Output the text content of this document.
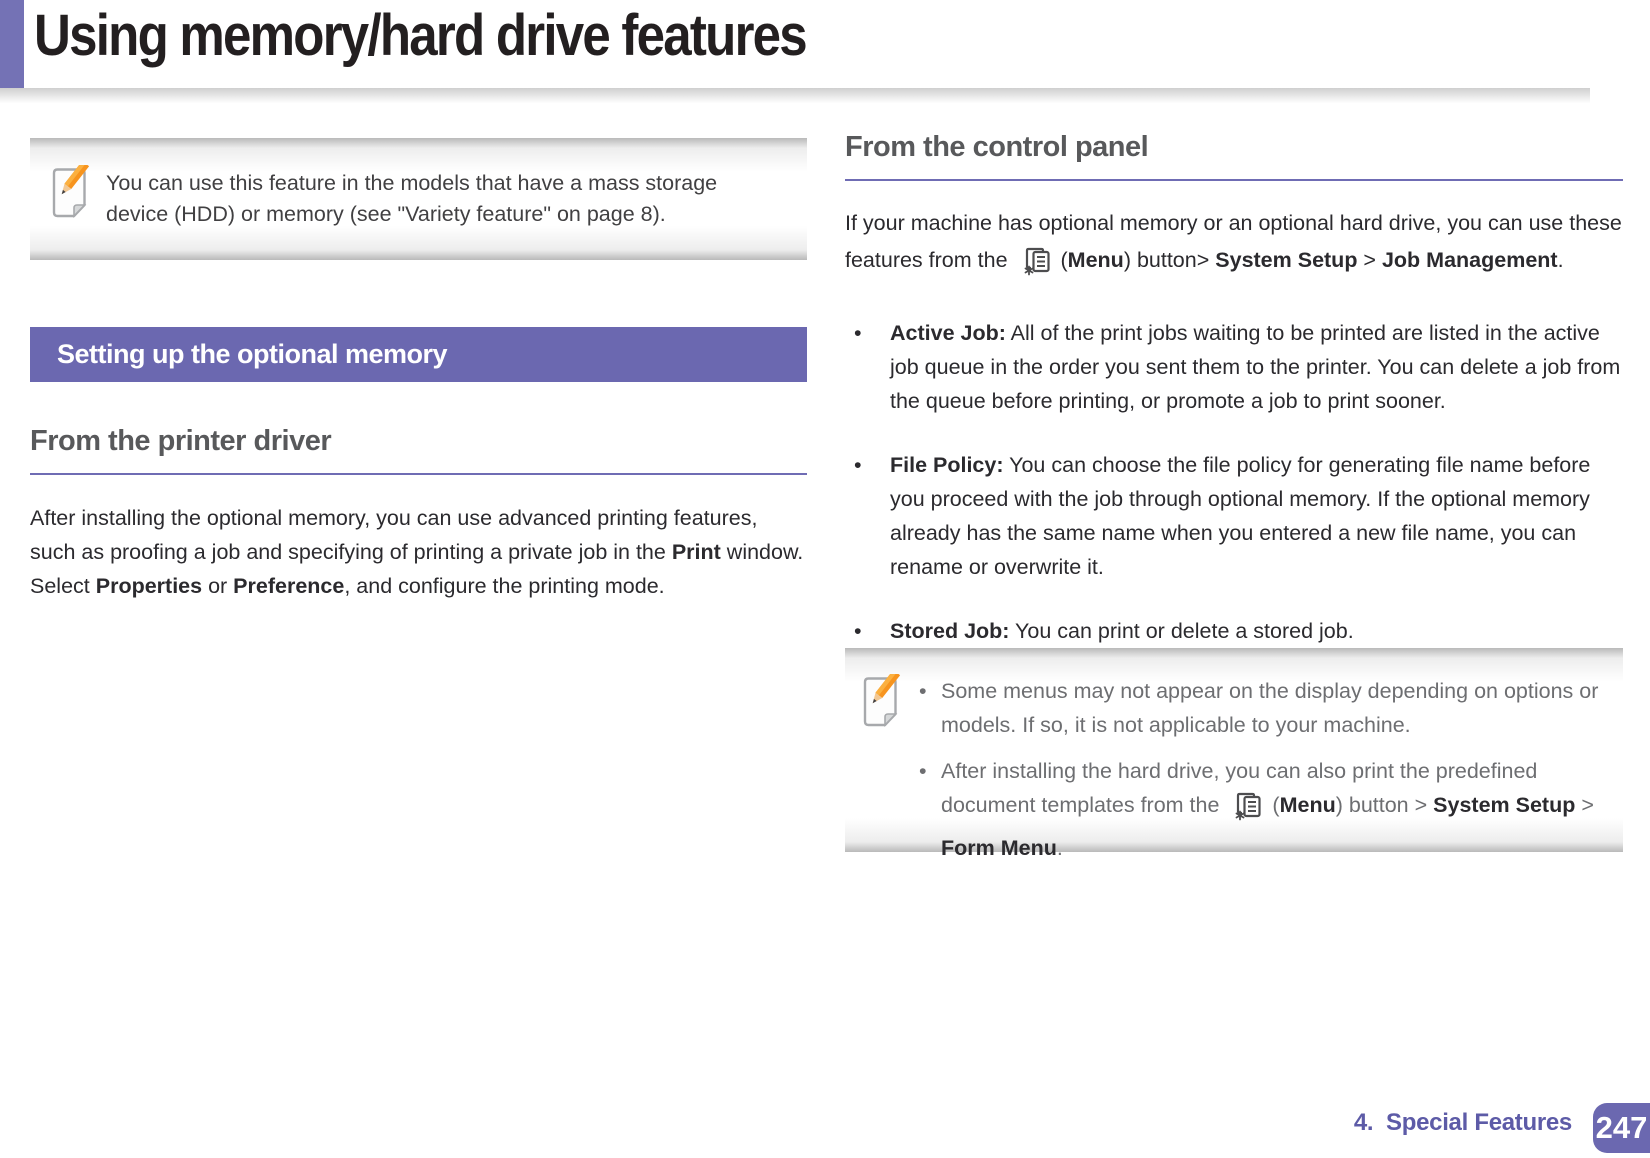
Using memory/hard drive features

You can use this feature in the models that have a mass storage device (HDD) or memory (see "Variety feature" on page 8).

Setting up the optional memory
From the printer driver

After installing the optional memory, you can use advanced printing features, such as proofing a job and specifying of printing a private job in the Print window. Select Properties or Preference, and configure the printing mode.

From the control panel

If your machine has optional memory or an optional hard drive, you can use these features from the (Menu) button> System Setup > Job Management.

• Active Job: All of the print jobs waiting to be printed are listed in the active job queue in the order you sent them to the printer. You can delete a job from the queue before printing, or promote a job to print sooner.
• File Policy: You can choose the file policy for generating file name before you proceed with the job through optional memory. If the optional memory already has the same name when you entered a new file name, you can rename or overwrite it.
• Stored Job: You can print or delete a stored job.
• Some menus may not appear on the display depending on options or models. If so, it is not applicable to your machine.
• After installing the hard drive, you can also print the predefined document templates from the (Menu) button > System Setup > Form Menu.
4.  Special Features 247
